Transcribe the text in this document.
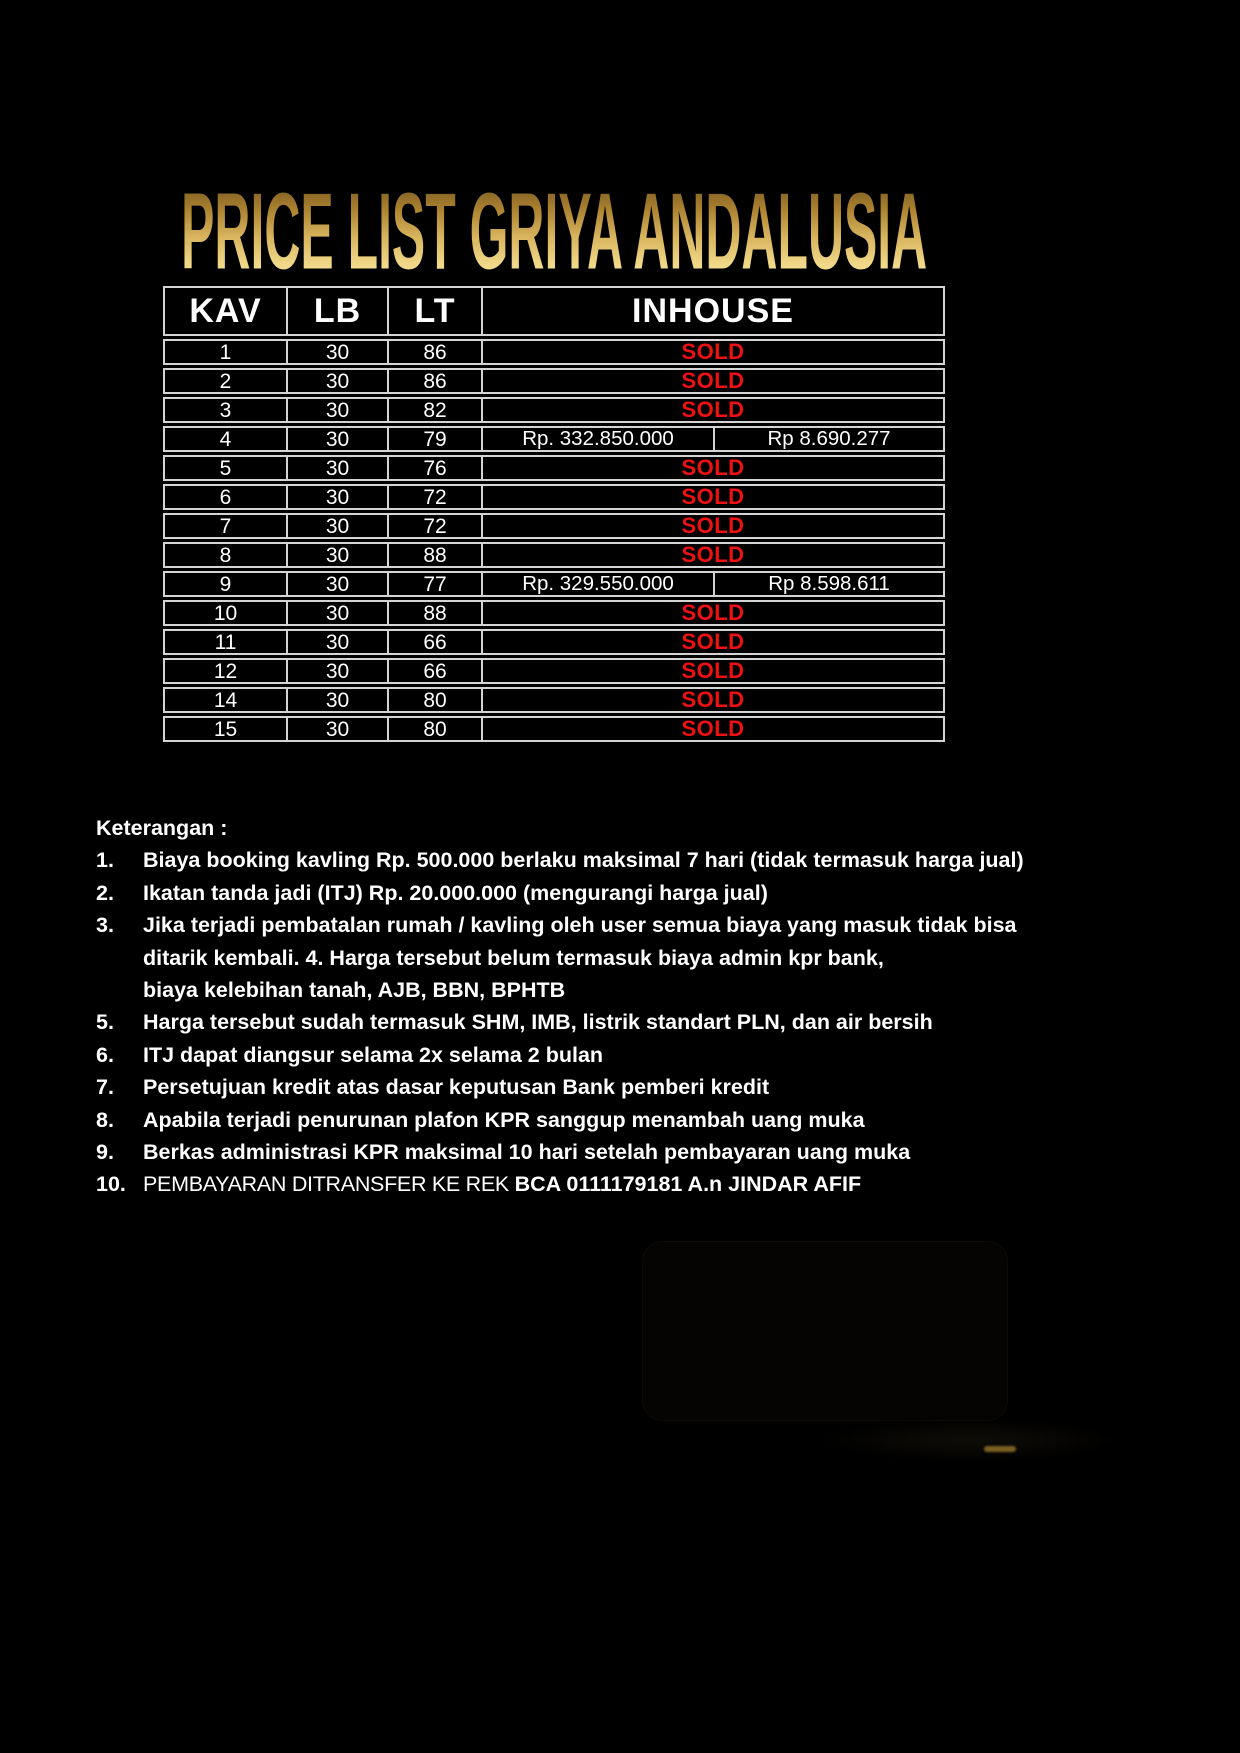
PRICE LIST GRIYA ANDALUSIA
KAV	LB	LT	INHOUSE	
1	30	86	SOLD	
2	30	86	SOLD	
3	30	82	SOLD	
4	30	79	Rp. 332.850.000	Rp 8.690.277
5	30	76	SOLD	
6	30	72	SOLD	
7	30	72	SOLD	
8	30	88	SOLD	
9	30	77	Rp. 329.550.000	Rp 8.598.611
10	30	88	SOLD	
11	30	66	SOLD	
12	30	66	SOLD	
14	30	80	SOLD	
15	30	80	SOLD	
Keterangan :
1. Biaya booking kavling Rp. 500.000 berlaku maksimal 7 hari (tidak termasuk harga jual)
2. Ikatan tanda jadi (ITJ) Rp. 20.000.000 (mengurangi harga jual)
3. Jika terjadi pembatalan rumah / kavling oleh user semua biaya yang masuk tidak bisa
ditarik kembali. 4. Harga tersebut belum termasuk biaya admin kpr bank,
biaya kelebihan tanah, AJB, BBN, BPHTB
5. Harga tersebut sudah termasuk SHM, IMB, listrik standart PLN, dan air bersih
6. ITJ dapat diangsur selama 2x selama 2 bulan
7. Persetujuan kredit atas dasar keputusan Bank pemberi kredit
8. Apabila terjadi penurunan plafon KPR sanggup menambah uang muka
9. Berkas administrasi KPR maksimal 10 hari setelah pembayaran uang muka
10. PEMBAYARAN DITRANSFER KE REK BCA 0111179181 A.n JINDAR AFIF
